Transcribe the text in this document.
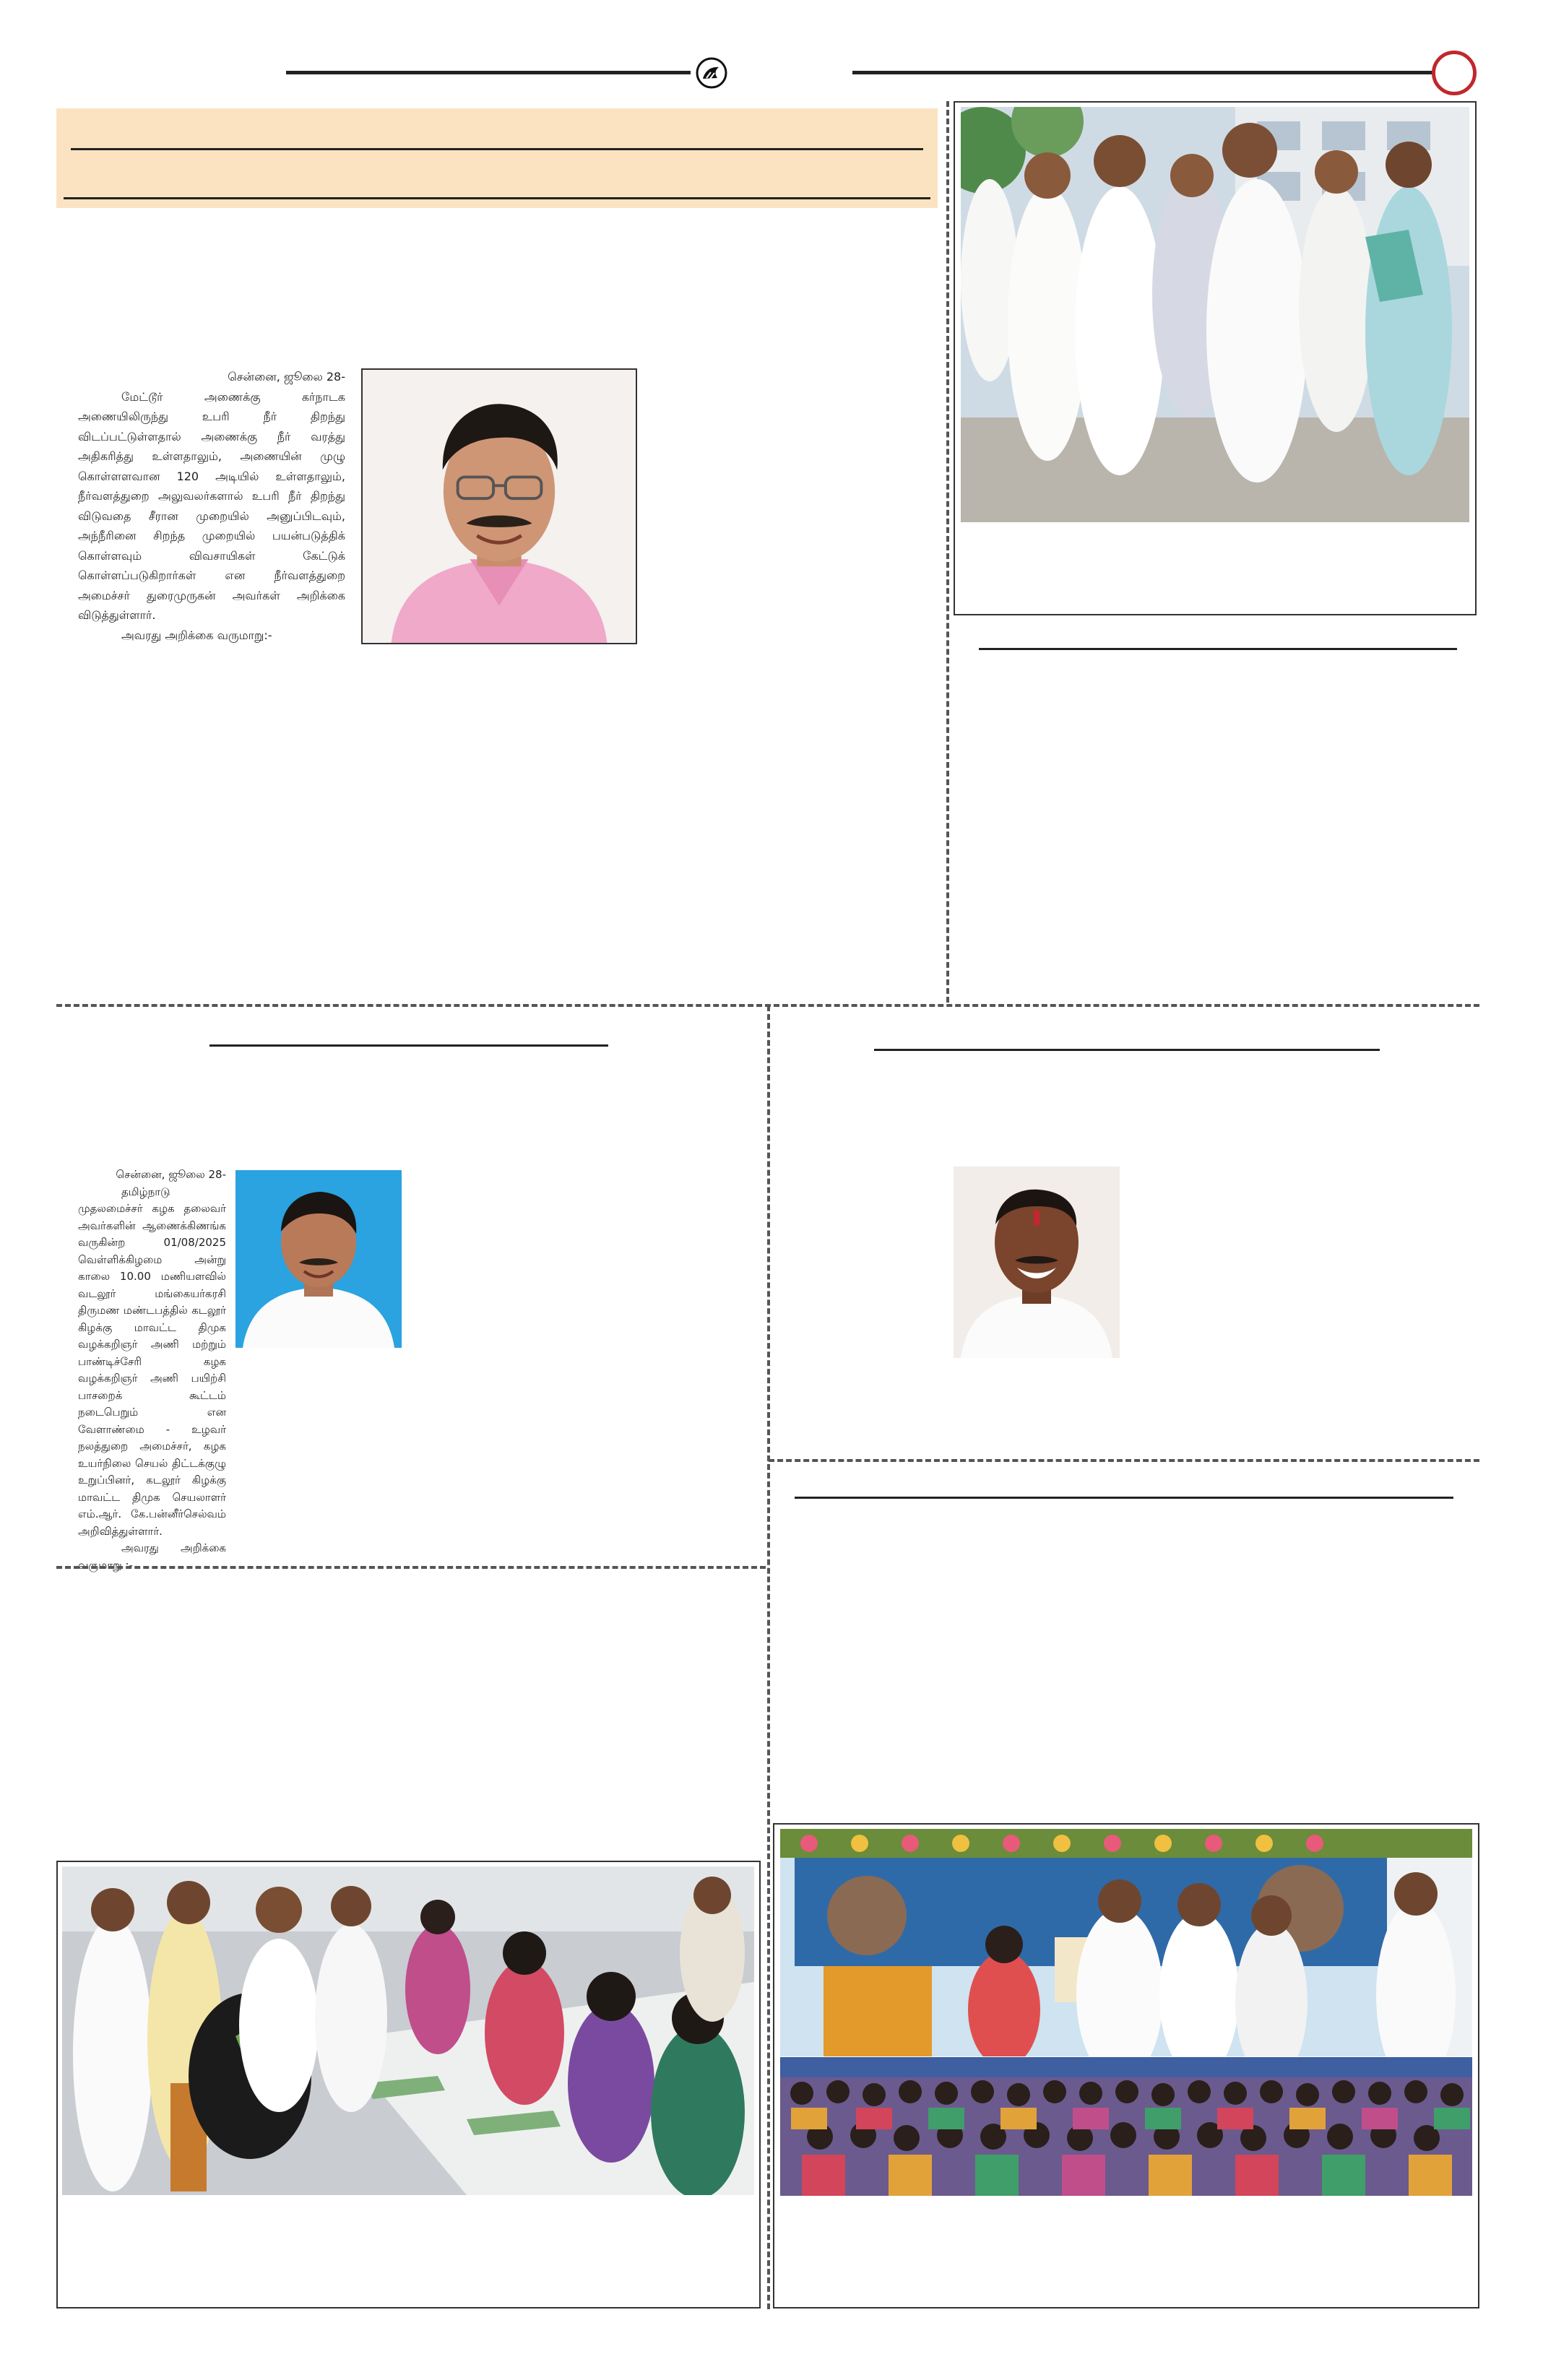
சென்னை, ஜூலை 28-

மேட்டூர் அணைக்கு கர்நாடக அணையிலிருந்து உபரி நீர் திறந்து விடப்பட்டுள்ளதால் அணைக்கு நீர் வரத்து அதிகரித்து உள்ளதாலும், அணையின் முழு கொள்ளளவான 120 அடியில் உள்ளதாலும், நீர்வளத்துறை அலுவலர்களால் உபரி நீர் திறந்து விடுவதை சீரான முறையில் அனுப்பிடவும், அந்நீரினை சிறந்த முறையில் பயன்படுத்திக் கொள்ளவும் விவசாயிகள் கேட்டுக் கொள்ளப்படுகிறார்கள் என நீர்வளத்துறை அமைச்சர் துரைமுருகன் அவர்கள் அறிக்கை விடுத்துள்ளார்.

அவரது அறிக்கை வருமாறு:-

சென்னை, ஜூலை 28-

தமிழ்நாடு முதலமைச்சர் கழக தலைவர் அவர்களின் ஆணைக்கிணங்க வருகின்ற 01/08/2025 வெள்ளிக்கிழமை அன்று காலை 10.00 மணியளவில் வடலூர் மங்கையர்கரசி திருமண மண்டபத்தில் கடலூர் கிழக்கு மாவட்ட திமுக வழக்கறிஞர் அணி மற்றும் பாண்டிச்சேரி கழக வழக்கறிஞர் அணி பயிற்சி பாசறைக் கூட்டம் நடைபெறும் என வேளாண்மை - உழவர் நலத்துறை அமைச்சர், கழக உயர்நிலை செயல் திட்டக்குழு உறுப்பினர், கடலூர் கிழக்கு மாவட்ட திமுக செயலாளர் எம்.ஆர். கே.பன்னீர்செல்வம் அறிவித்துள்ளார்.

அவரது அறிக்கை வருமாறு :-
